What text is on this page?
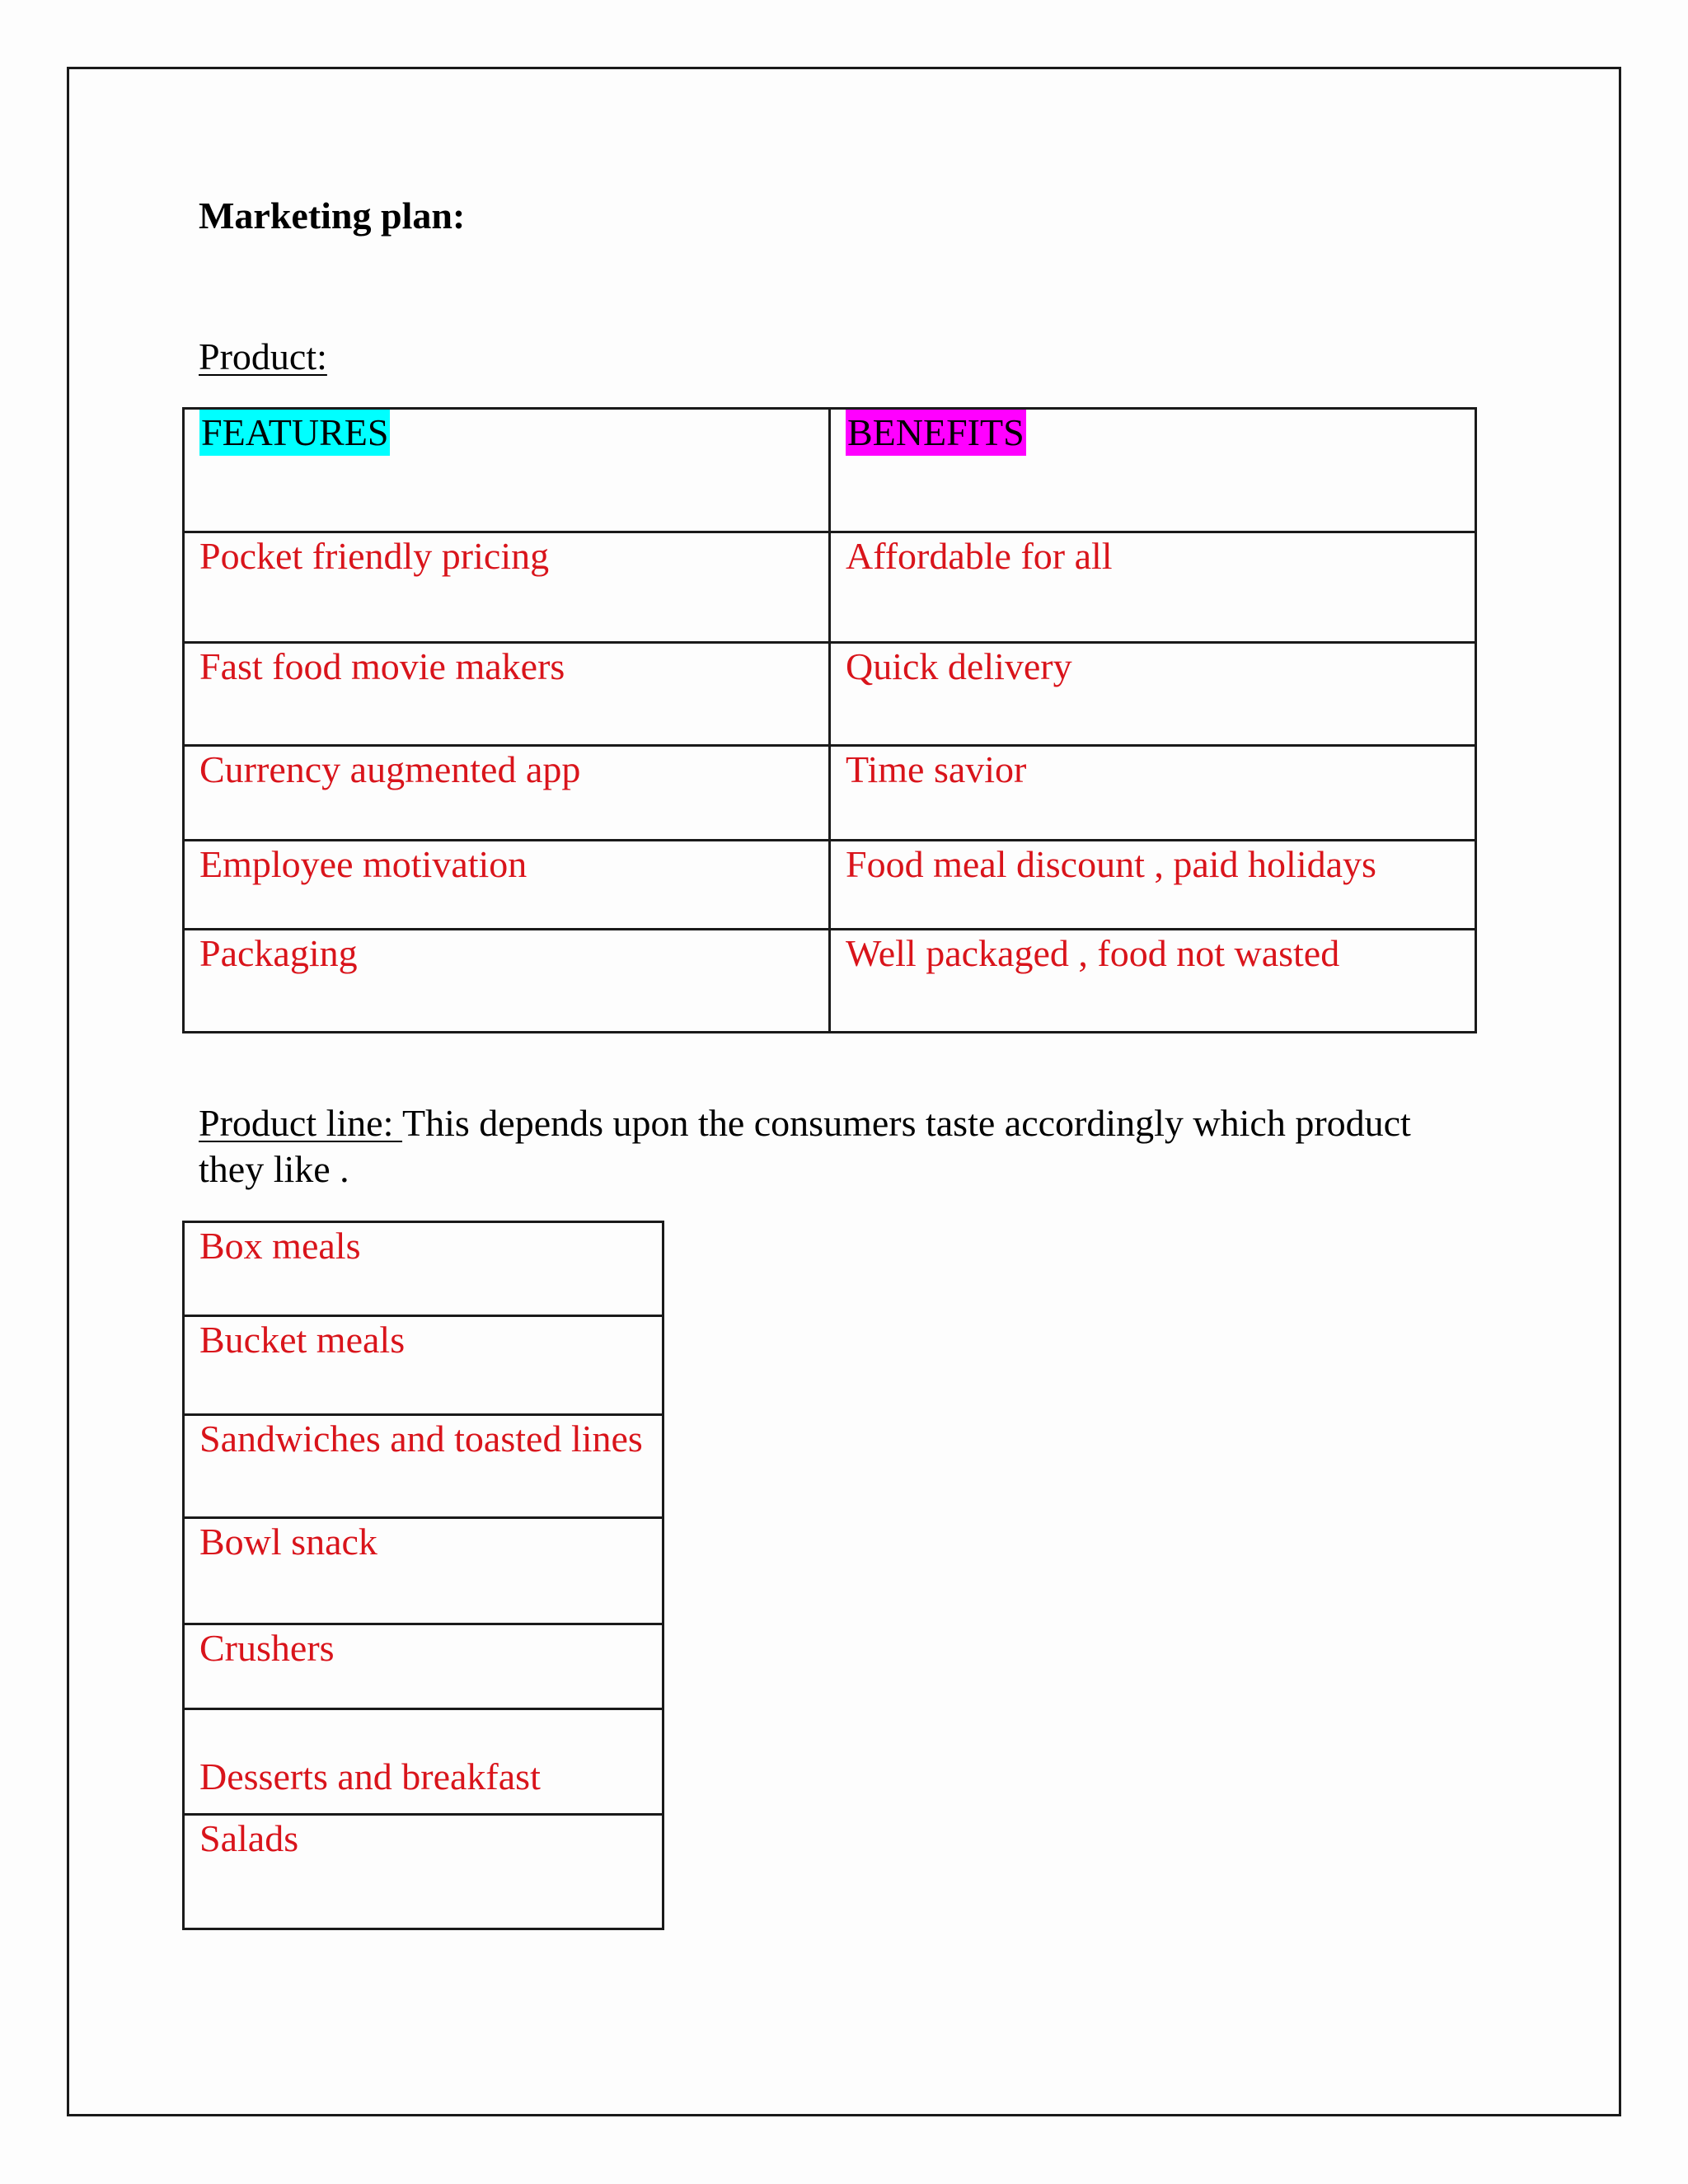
Marketing plan:
Product:
FEATURES	BENEFITS
Pocket friendly pricing	Affordable for all
Fast food movie makers	Quick delivery
Currency augmented app	Time savior
Employee motivation	Food meal discount , paid holidays
Packaging	Well packaged , food not wasted
Product line: This depends upon the consumers taste accordingly which product they like .
Box meals
Bucket meals
Sandwiches and toasted lines
Bowl snack
Crushers
Desserts and breakfast
Salads
